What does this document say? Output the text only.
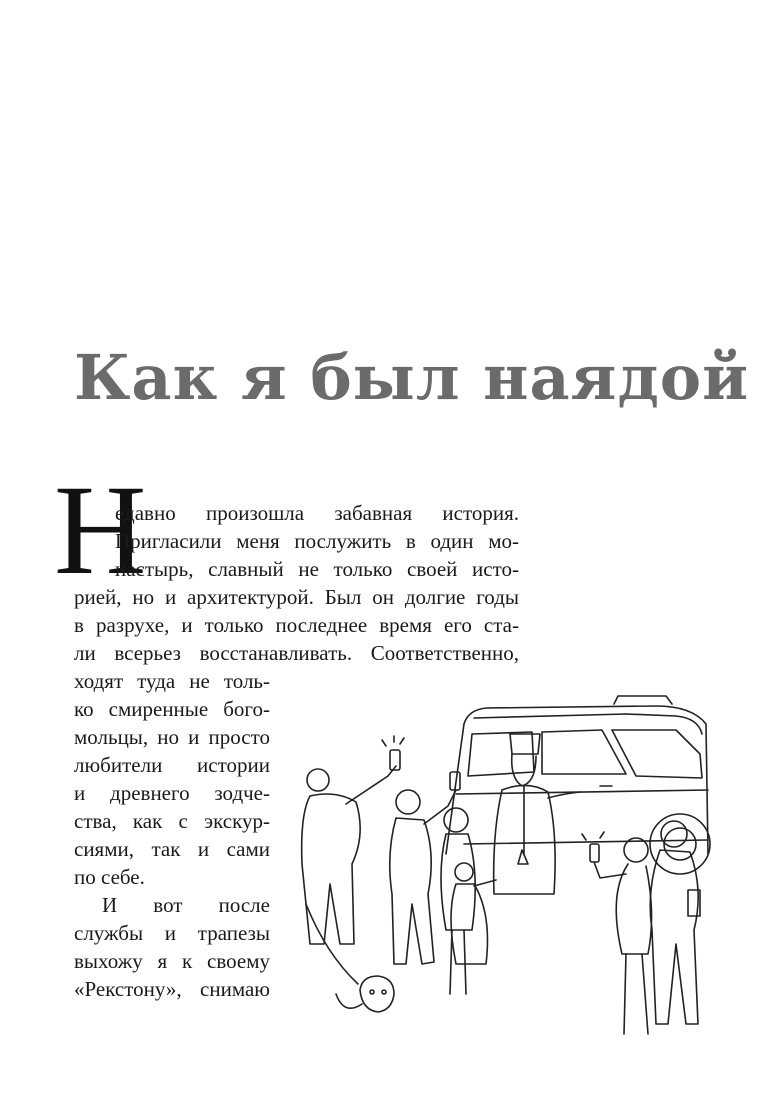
Как я был наядой
Н
едавно произошла забавная история.
Пригласили меня послужить в один мо-
настырь, славный не только своей исто-
рией, но и архитектурой. Был он долгие годы
в разрухе, и только последнее время его ста-
ли всерьез восстанавливать. Соответственно,
ходят туда не толь-
ко смиренные бого-
мольцы, но и просто
любители истории
и древнего зодче-
ства, как с экскур-
сиями, так и сами
по себе.
И вот после
службы и трапезы
выхожу я к своему
«Рекстону», снимаю
